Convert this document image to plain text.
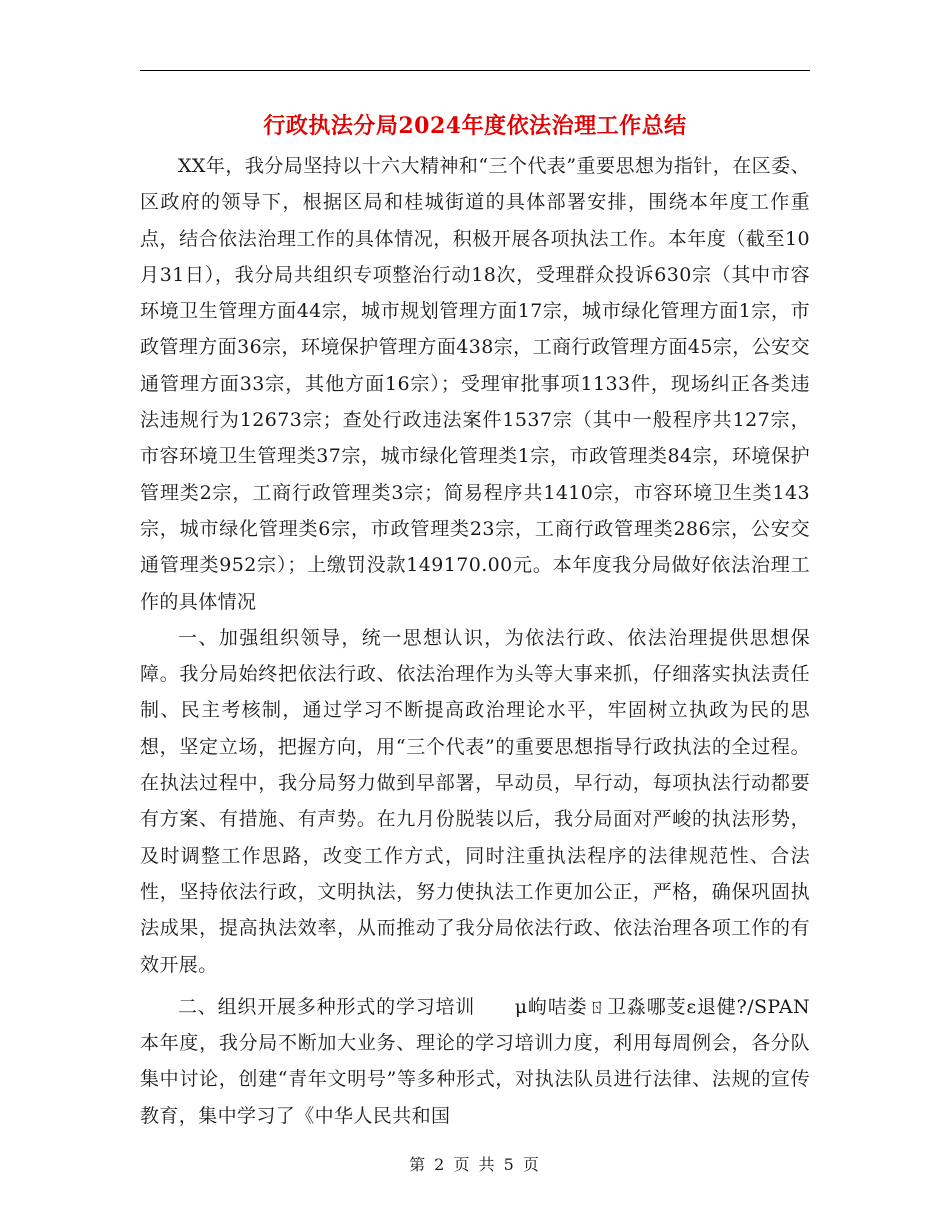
行政执法分局2024年度依法治理工作总结

XX年，我分局坚持以十六大精神和“三个代表”重要思想为指针，在区委、区政府的领导下，根据区局和桂城街道的具体部署安排，围绕本年度工作重点，结合依法治理工作的具体情况，积极开展各项执法工作。本年度（截至10月31日），我分局共组织专项整治行动18次，受理群众投诉630宗（其中市容环境卫生管理方面44宗，城市规划管理方面17宗，城市绿化管理方面1宗，市政管理方面36宗，环境保护管理方面438宗，工商行政管理方面45宗，公安交通管理方面33宗，其他方面16宗）；受理审批事项1133件，现场纠正各类违法违规行为12673宗；查处行政违法案件1537宗（其中一般程序共127宗，市容环境卫生管理类37宗，城市绿化管理类1宗，市政管理类84宗，环境保护管理类2宗，工商行政管理类3宗；简易程序共1410宗，市容环境卫生类143宗，城市绿化管理类6宗，市政管理类23宗，工商行政管理类286宗，公安交通管理类952宗）；上缴罚没款149170.00元。本年度我分局做好依法治理工作的具体情况

一、加强组织领导，统一思想认识，为依法行政、依法治理提供思想保障。我分局始终把依法行政、依法治理作为头等大事来抓，仔细落实执法责任制、民主考核制，通过学习不断提高政治理论水平，牢固树立执政为民的思想，坚定立场，把握方向，用“三个代表”的重要思想指导行政执法的全过程。在执法过程中，我分局努力做到早部署，早动员，早行动，每项执法行动都要有方案、有措施、有声势。在九月份脱装以后，我分局面对严峻的执法形势，及时调整工作思路，改变工作方式，同时注重执法程序的法律规范性、合法性，坚持依法行政，文明执法，努力使执法工作更加公正，严格，确保巩固执法成果，提高执法效率，从而推动了我分局依法行政、依法治理各项工作的有效开展。

二、组织开展多种形式的学习培训　　μ岣咭娄ㄖ卫淼哪芰ε退健?/SPAN本年度，我分局不断加大业务、理论的学习培训力度，利用每周例会，各分队集中讨论，创建“青年文明号”等多种形式，对执法队员进行法律、法规的宣传教育，集中学习了《中华人民共和国

第 2 页 共 5 页
